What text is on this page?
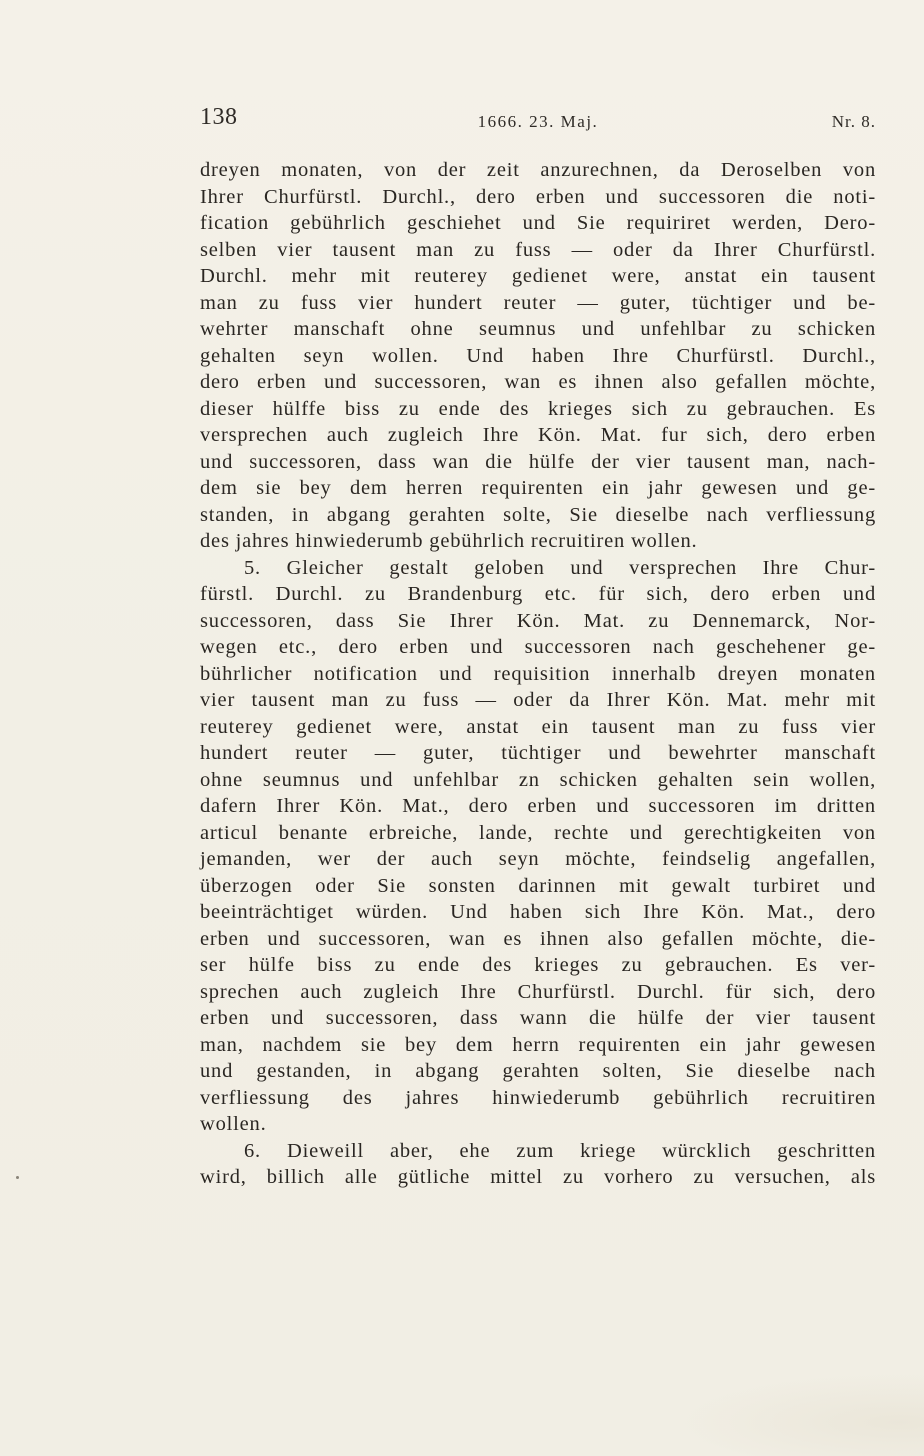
138	1666. 23. Maj.	Nr. 8.
dreyen monaten, von der zeit anzurechnen, da Deroselben von
Ihrer Churfürstl. Durchl., dero erben und successoren die noti-
fication gebührlich geschiehet und Sie requiriret werden, Dero-
selben vier tausent man zu fuss — oder da Ihrer Churfürstl.
Durchl. mehr mit reuterey gedienet were, anstat ein tausent
man zu fuss vier hundert reuter — guter, tüchtiger und be-
wehrter manschaft ohne seumnus und unfehlbar zu schicken
gehalten seyn wollen. Und haben Ihre Churfürstl. Durchl.,
dero erben und successoren, wan es ihnen also gefallen möchte,
dieser hülffe biss zu ende des krieges sich zu gebrauchen. Es
versprechen auch zugleich Ihre Kön. Mat. fur sich, dero erben
und successoren, dass wan die hülfe der vier tausent man, nach-
dem sie bey dem herren requirenten ein jahr gewesen und ge-
standen, in abgang gerahten solte, Sie dieselbe nach verfliessung
des jahres hinwiederumb gebührlich recruitiren wollen.
5. Gleicher gestalt geloben und versprechen Ihre Chur-
fürstl. Durchl. zu Brandenburg etc. für sich, dero erben und
successoren, dass Sie Ihrer Kön. Mat. zu Dennemarck, Nor-
wegen etc., dero erben und successoren nach geschehener ge-
bührlicher notification und requisition innerhalb dreyen monaten
vier tausent man zu fuss — oder da Ihrer Kön. Mat. mehr mit
reuterey gedienet were, anstat ein tausent man zu fuss vier
hundert reuter — guter, tüchtiger und bewehrter manschaft
ohne seumnus und unfehlbar zn schicken gehalten sein wollen,
dafern Ihrer Kön. Mat., dero erben und successoren im dritten
articul benante erbreiche, lande, rechte und gerechtigkeiten von
jemanden, wer der auch seyn möchte, feindselig angefallen,
überzogen oder Sie sonsten darinnen mit gewalt turbiret und
beeinträchtiget würden. Und haben sich Ihre Kön. Mat., dero
erben und successoren, wan es ihnen also gefallen möchte, die-
ser hülfe biss zu ende des krieges zu gebrauchen. Es ver-
sprechen auch zugleich Ihre Churfürstl. Durchl. für sich, dero
erben und successoren, dass wann die hülfe der vier tausent
man, nachdem sie bey dem herrn requirenten ein jahr gewesen
und gestanden, in abgang gerahten solten, Sie dieselbe nach
verfliessung des jahres hinwiederumb gebührlich recruitiren
wollen.
6. Dieweill aber, ehe zum kriege würcklich geschritten
wird, billich alle gütliche mittel zu vorhero zu versuchen, als
